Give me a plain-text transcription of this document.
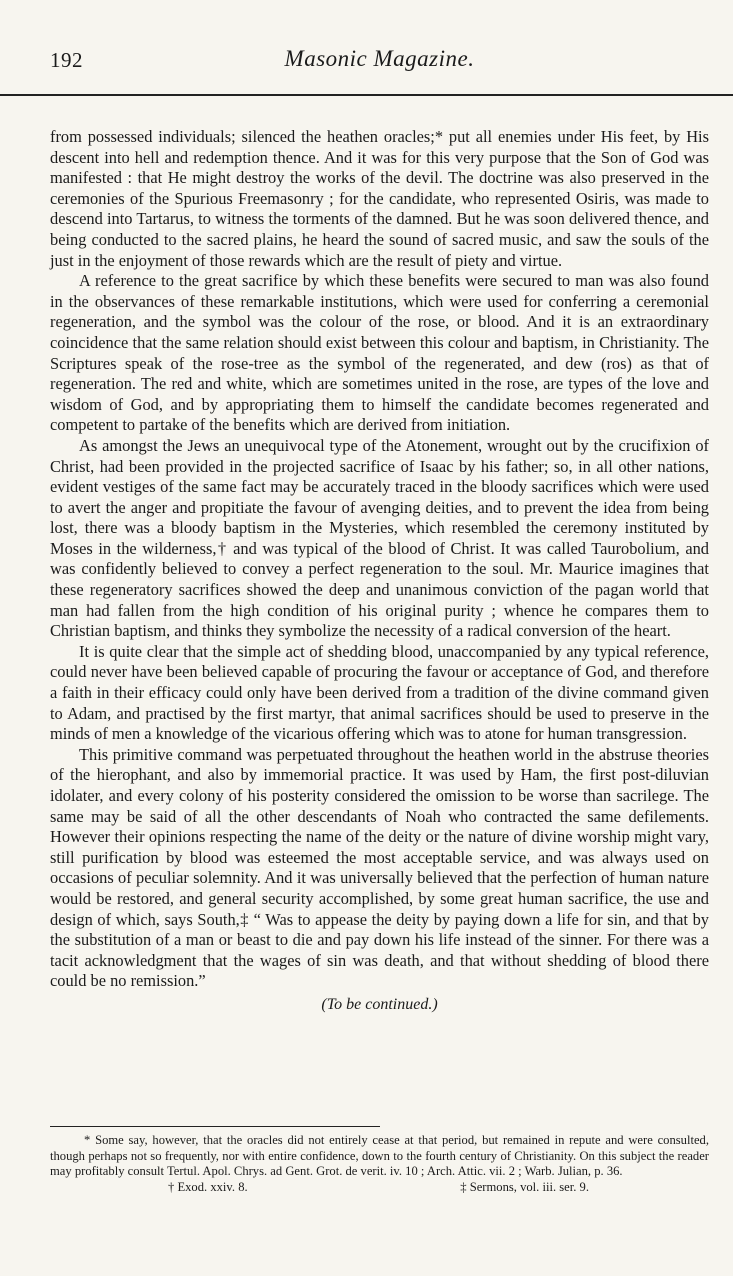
192	Masonic Magazine.

from possessed individuals; silenced the heathen oracles;* put all enemies under His feet, by His descent into hell and redemption thence. And it was for this very purpose that the Son of God was manifested : that He might destroy the works of the devil. The doctrine was also preserved in the ceremonies of the Spurious Freemasonry ; for the candidate, who represented Osiris, was made to descend into Tartarus, to witness the torments of the damned. But he was soon delivered thence, and being conducted to the sacred plains, he heard the sound of sacred music, and saw the souls of the just in the enjoyment of those rewards which are the result of piety and virtue.

A reference to the great sacrifice by which these benefits were secured to man was also found in the observances of these remarkable institutions, which were used for conferring a ceremonial regeneration, and the symbol was the colour of the rose, or blood. And it is an extraordinary coincidence that the same relation should exist between this colour and baptism, in Christianity. The Scriptures speak of the rose-tree as the symbol of the regenerated, and dew (ros) as that of regeneration. The red and white, which are sometimes united in the rose, are types of the love and wisdom of God, and by appropriating them to himself the candidate becomes regenerated and competent to partake of the benefits which are derived from initiation.

As amongst the Jews an unequivocal type of the Atonement, wrought out by the crucifixion of Christ, had been provided in the projected sacrifice of Isaac by his father; so, in all other nations, evident vestiges of the same fact may be accurately traced in the bloody sacrifices which were used to avert the anger and propitiate the favour of avenging deities, and to prevent the idea from being lost, there was a bloody baptism in the Mysteries, which resembled the ceremony instituted by Moses in the wilderness,† and was typical of the blood of Christ. It was called Taurobolium, and was confidently believed to convey a perfect regeneration to the soul. Mr. Maurice imagines that these regeneratory sacrifices showed the deep and unanimous conviction of the pagan world that man had fallen from the high condition of his original purity ; whence he compares them to Christian baptism, and thinks they symbolize the necessity of a radical conversion of the heart.

It is quite clear that the simple act of shedding blood, unaccompanied by any typical reference, could never have been believed capable of procuring the favour or acceptance of God, and therefore a faith in their efficacy could only have been derived from a tradition of the divine command given to Adam, and practised by the first martyr, that animal sacrifices should be used to preserve in the minds of men a knowledge of the vicarious offering which was to atone for human transgression.

This primitive command was perpetuated throughout the heathen world in the abstruse theories of the hierophant, and also by immemorial practice. It was used by Ham, the first post-diluvian idolater, and every colony of his posterity considered the omission to be worse than sacrilege. The same may be said of all the other descendants of Noah who contracted the same defilements. However their opinions respecting the name of the deity or the nature of divine worship might vary, still purification by blood was esteemed the most acceptable service, and was always used on occasions of peculiar solemnity. And it was universally believed that the perfection of human nature would be restored, and general security accomplished, by some great human sacrifice, the use and design of which, says South,‡ “ Was to appease the deity by paying down a life for sin, and that by the substitution of a man or beast to die and pay down his life instead of the sinner. For there was a tacit acknowledgment that the wages of sin was death, and that without shedding of blood there could be no remission.”

(To be continued.)

* Some say, however, that the oracles did not entirely cease at that period, but remained in repute and were consulted, though perhaps not so frequently, nor with entire confidence, down to the fourth century of Christianity. On this subject the reader may profitably consult Tertul. Apol. Chrys. ad Gent. Grot. de verit. iv. 10 ; Arch. Attic. vii. 2 ; Warb. Julian, p. 36.

† Exod. xxiv. 8.	‡ Sermons, vol. iii. ser. 9.
